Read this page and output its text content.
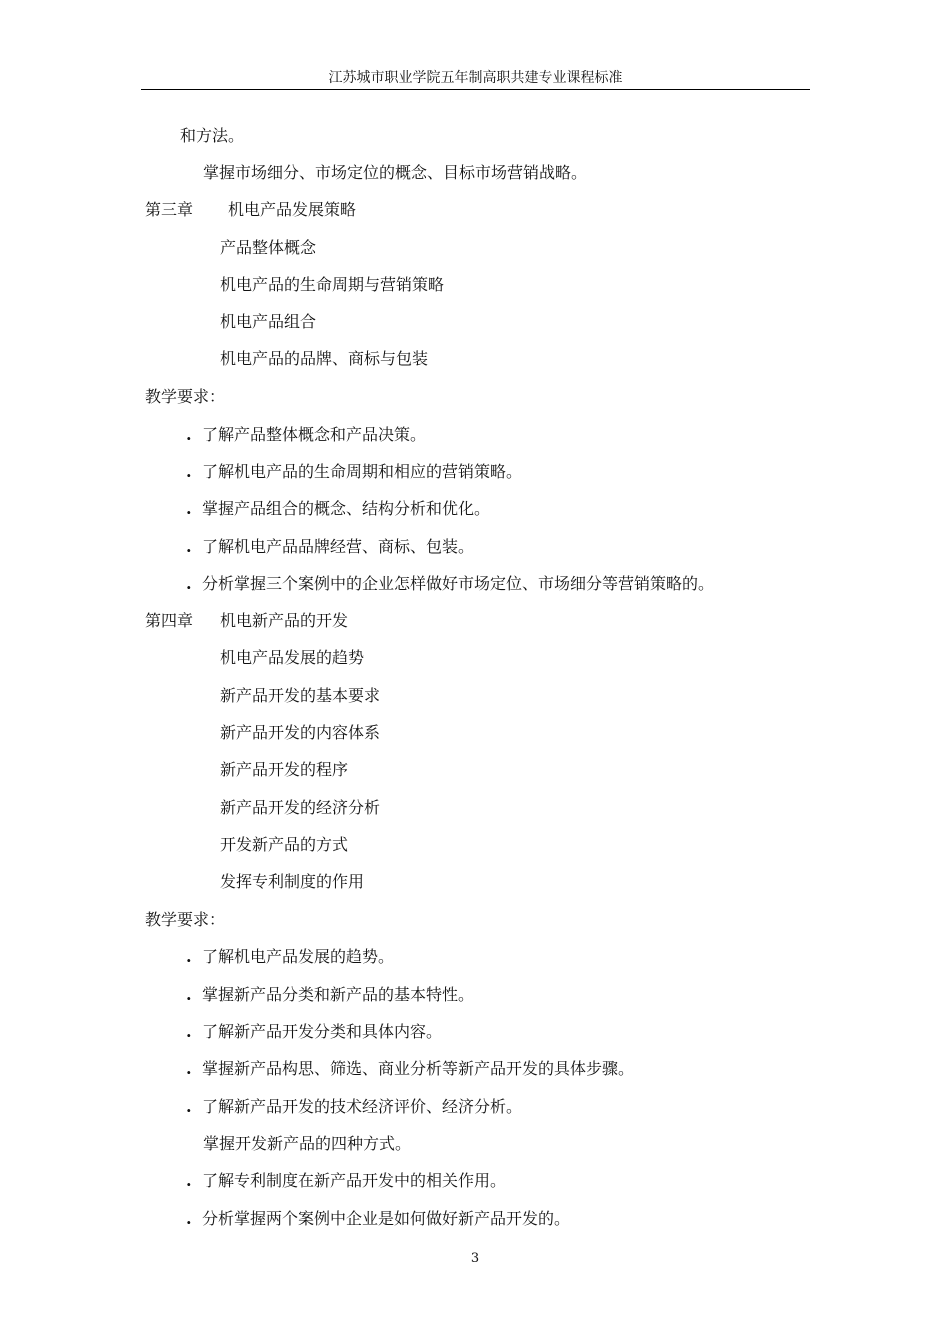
江苏城市职业学院五年制高职共建专业课程标准
和方法。
掌握市场细分、市场定位的概念、目标市场营销战略。
第三章 机电产品发展策略
产品整体概念
机电产品的生命周期与营销策略
机电产品组合
机电产品的品牌、商标与包装
教学要求：
. 了解产品整体概念和产品决策。
. 了解机电产品的生命周期和相应的营销策略。
. 掌握产品组合的概念、结构分析和优化。
. 了解机电产品品牌经营、商标、包装。
. 分析掌握三个案例中的企业怎样做好市场定位、市场细分等营销策略的。
第四章 机电新产品的开发
机电产品发展的趋势
新产品开发的基本要求
新产品开发的内容体系
新产品开发的程序
新产品开发的经济分析
开发新产品的方式
发挥专利制度的作用
教学要求：
. 了解机电产品发展的趋势。
. 掌握新产品分类和新产品的基本特性。
. 了解新产品开发分类和具体内容。
. 掌握新产品构思、筛选、商业分析等新产品开发的具体步骤。
. 了解新产品开发的技术经济评价、经济分析。
掌握开发新产品的四种方式。
. 了解专利制度在新产品开发中的相关作用。
. 分析掌握两个案例中企业是如何做好新产品开发的。
3
